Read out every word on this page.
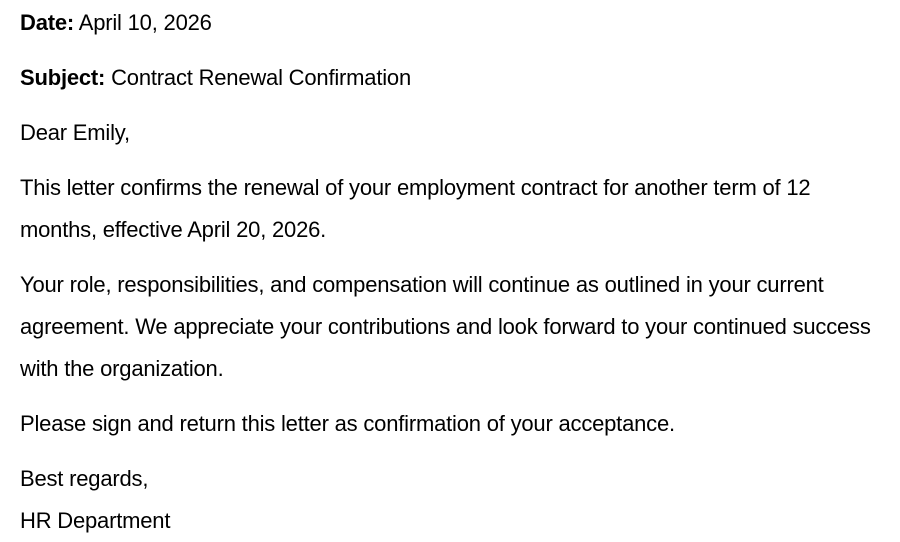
Date: April 10, 2026

Subject: Contract Renewal Confirmation

Dear Emily,

This letter confirms the renewal of your employment contract for another term of 12 months, effective April 20, 2026.

Your role, responsibilities, and compensation will continue as outlined in your current agreement. We appreciate your contributions and look forward to your continued success with the organization.

Please sign and return this letter as confirmation of your acceptance.

Best regards,

HR Department
